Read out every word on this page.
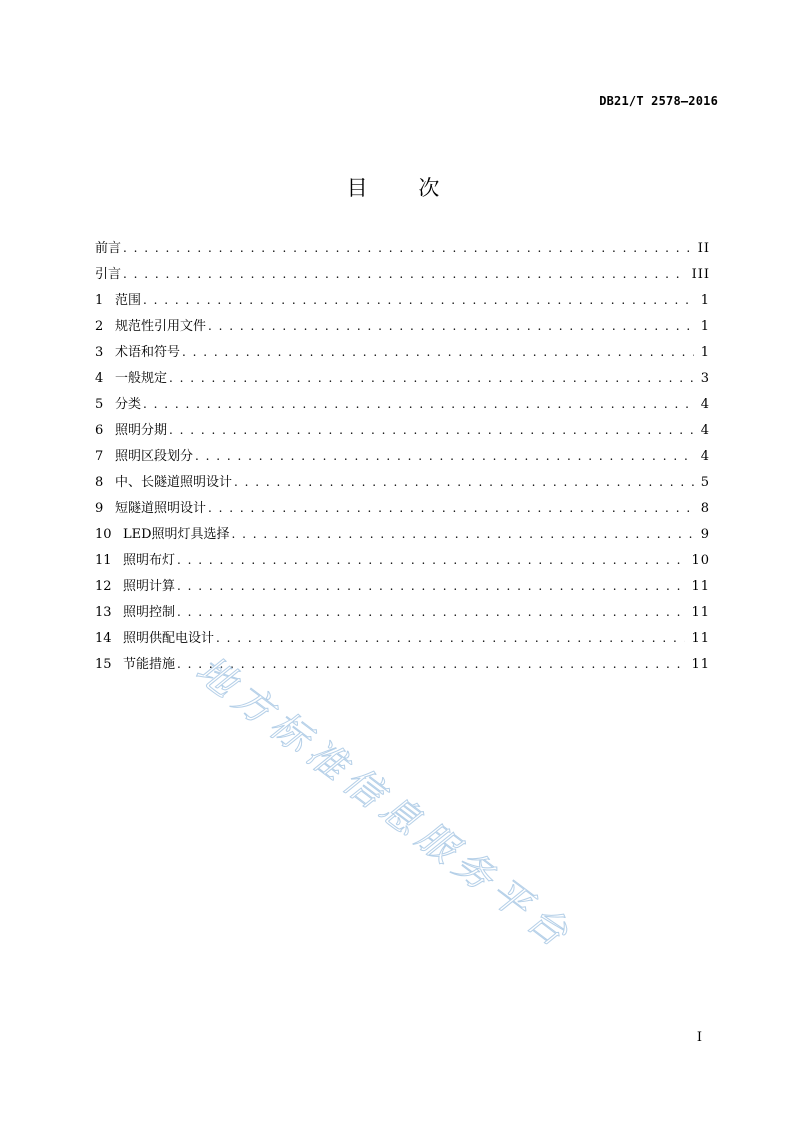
DB21/T 2578—2016
目 次
前言 . . .	II
引言 . . .	III
1 范围 . . .	1
2 规范性引用文件 . . .	1
3 术语和符号 . . .	1
4 一般规定 . . .	3
5 分类 . . .	4
6 照明分期 . . .	4
7 照明区段划分 . . .	4
8 中、长隧道照明设计 . . .	5
9 短隧道照明设计 . . .	8
10 LED照明灯具选择 . . .	9
11 照明布灯 . . .	10
12 照明计算 . . .	11
13 照明控制 . . .	11
14 照明供配电设计 . . .	11
15 节能措施 . . .	11
地方标准信息服务平台
I
